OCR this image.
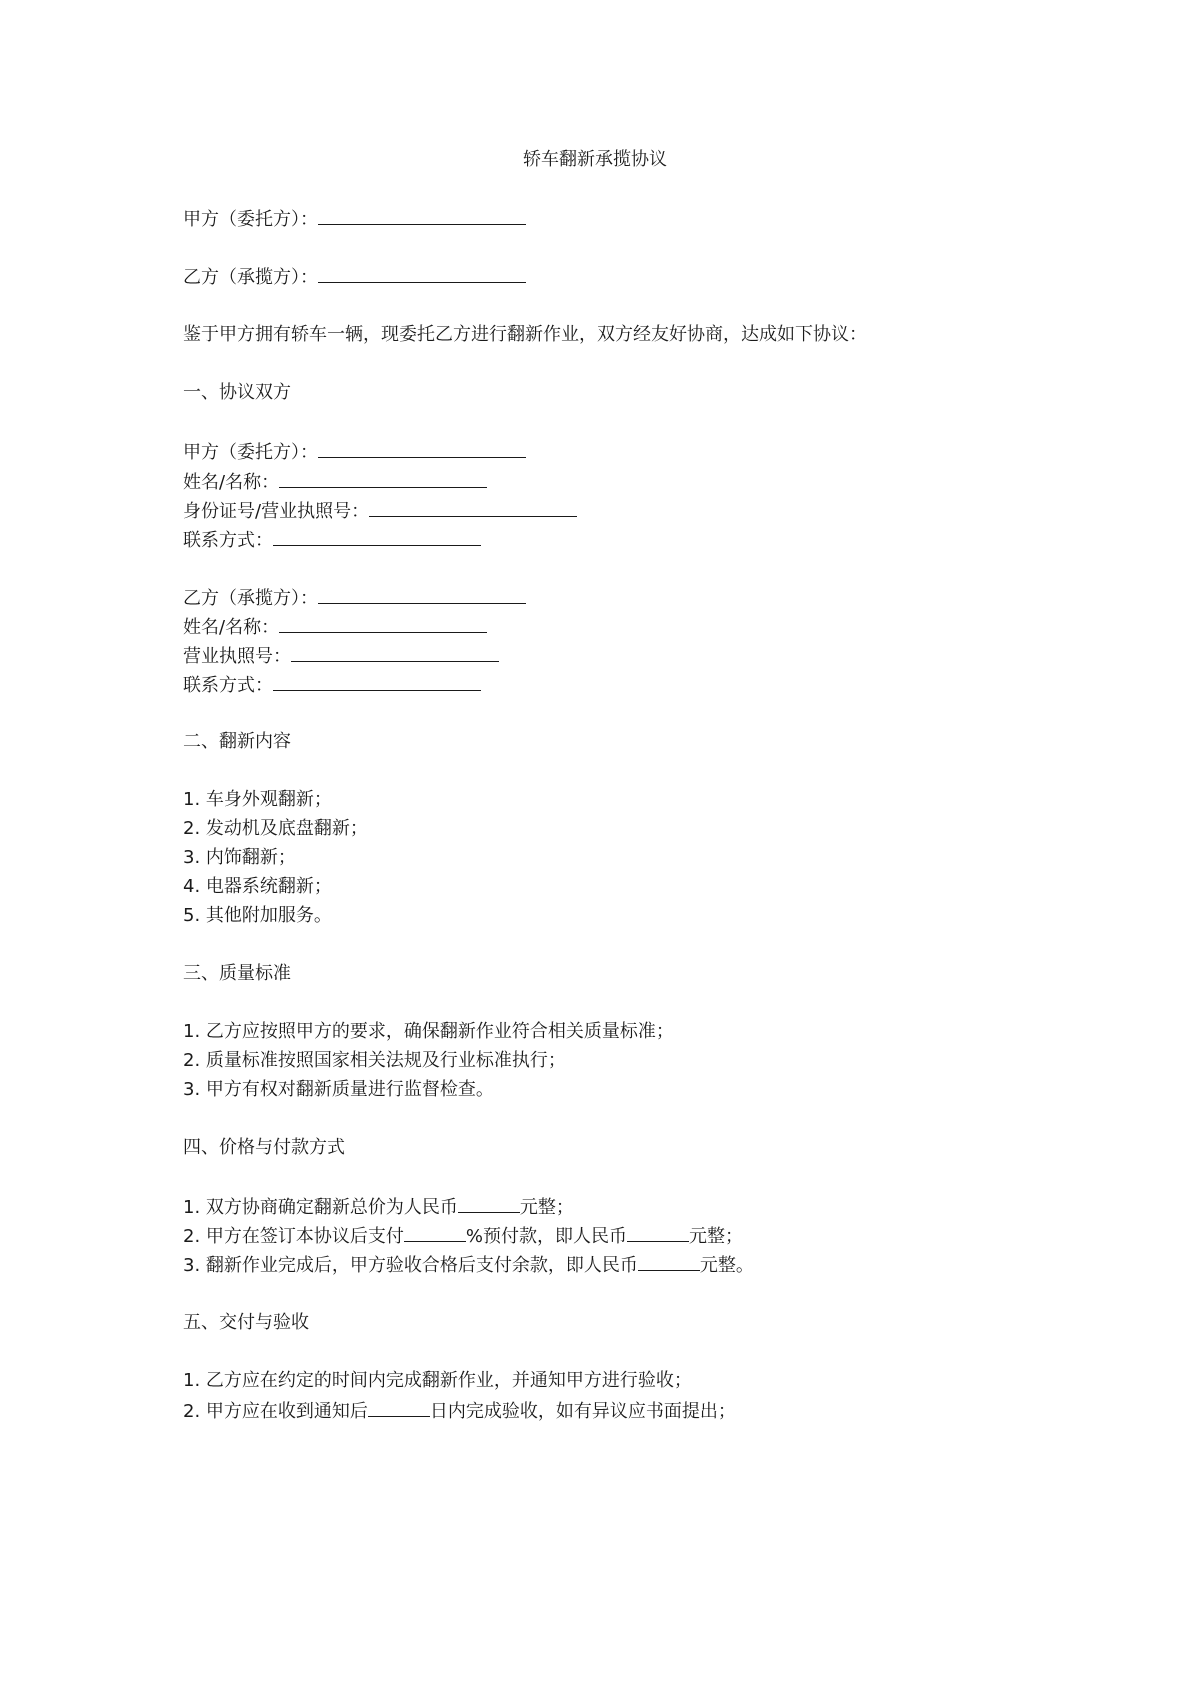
轿车翻新承揽协议
甲方（委托方）：
乙方（承揽方）：
鉴于甲方拥有轿车一辆，现委托乙方进行翻新作业，双方经友好协商，达成如下协议：
一、协议双方
甲方（委托方）：
姓名/名称：
身份证号/营业执照号：
联系方式：
乙方（承揽方）：
姓名/名称：
营业执照号：
联系方式：
二、翻新内容
1. 车身外观翻新；
2. 发动机及底盘翻新；
3. 内饰翻新；
4. 电器系统翻新；
5. 其他附加服务。
三、质量标准
1. 乙方应按照甲方的要求，确保翻新作业符合相关质量标准；
2. 质量标准按照国家相关法规及行业标准执行；
3. 甲方有权对翻新质量进行监督检查。
四、价格与付款方式
1. 双方协商确定翻新总价为人民币	元整；
2. 甲方在签订本协议后支付	%预付款，即人民币	元整；
3. 翻新作业完成后，甲方验收合格后支付余款，即人民币	元整。
五、交付与验收
1. 乙方应在约定的时间内完成翻新作业，并通知甲方进行验收；
2. 甲方应在收到通知后	日内完成验收，如有异议应书面提出；
